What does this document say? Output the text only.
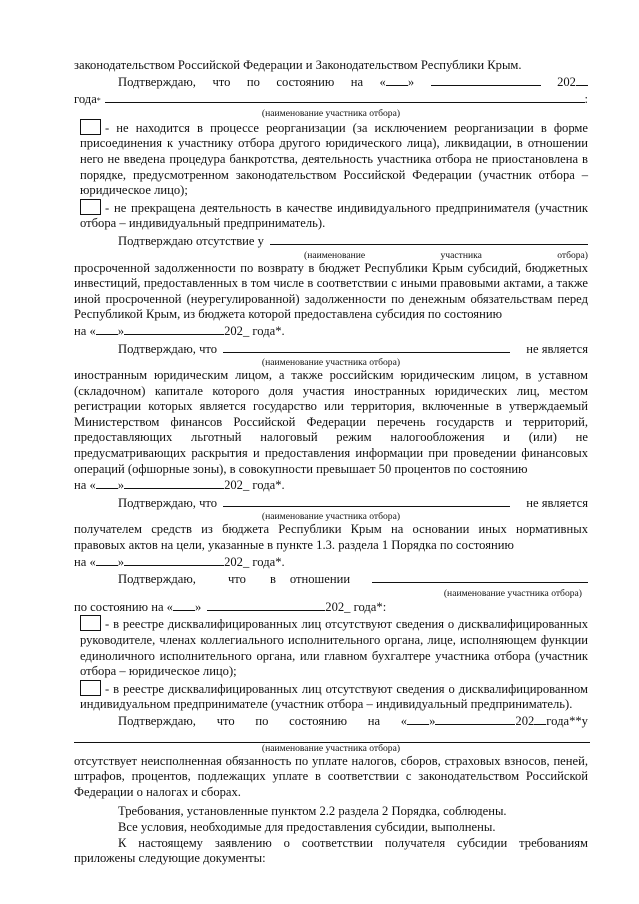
законодательством Российской Федерации и Законодательством Республики Крым.

Подтверждаю, что по состоянию на « »	202
года *	:
(наименование участника отбора)

- не находится в процессе реорганизации (за исключением реорганизации в форме присоединения к участнику отбора другого юридического лица), ликвидации, в отношении него не введена процедура банкротства, деятельность участника отбора не приостановлена в порядке, предусмотренном законодательством Российской Федерации (участник отбора – юридическое лицо);

- не прекращена деятельность в качестве индивидуального предпринимателя (участник отбора – индивидуальный предприниматель).

Подтверждаю отсутствие у
(наименование	участника	отбора)

просроченной задолженности по возврату в бюджет Республики Крым субсидий, бюджетных инвестиций, предоставленных в том числе в соответствии с иными правовыми актами, а также иной просроченной (неурегулированной) задолженности по денежным обязательствам перед Республикой Крым, из бюджета которой предоставлена субсидия по состоянию

на « »	202_ года*.
Подтверждаю, что	не является
(наименование участника отбора)

иностранным юридическим лицом, а также российским юридическим лицом, в уставном (складочном) капитале которого доля участия иностранных юридических лиц, местом регистрации которых является государство или территория, включенные в утверждаемый Министерством финансов Российской Федерации перечень государств и территорий, предоставляющих льготный налоговый режим налогообложения и (или) не предусматривающих раскрытия и предоставления информации при проведении финансовых операций (офшорные зоны), в совокупности превышает 50 процентов по состоянию

на « »	202_ года*.
Подтверждаю, что	не является
(наименование участника отбора)

получателем средств из бюджета Республики Крым на основании иных нормативных правовых актов на цели, указанные в пункте 1.3. раздела 1 Порядка по состоянию

на « »	202_ года*.
Подтверждаю,	что в отношении
(наименование участника отбора)
по состоянию на « »	202_ года*:

- в реестре дисквалифицированных лиц отсутствуют сведения о дисквалифицированных руководителе, членах коллегиального исполнительного органа, лице, исполняющем функции единоличного исполнительного органа, или главном бухгалтере участника отбора (участник отбора – юридическое лицо);

- в реестре дисквалифицированных лиц отсутствуют сведения о дисквалифицированном индивидуальном предпринимателе (участник отбора – индивидуальный предприниматель).

Подтверждаю, что по состоянию на « »	202 года**у
(наименование участника отбора)

отсутствует неисполненная обязанность по уплате налогов, сборов, страховых взносов, пеней, штрафов, процентов, подлежащих уплате в соответствии с законодательством Российской Федерации о налогах и сборах.

Требования, установленные пунктом 2.2 раздела 2 Порядка, соблюдены.

Все условия, необходимые для предоставления субсидии, выполнены.

К настоящему заявлению о соответствии получателя субсидии требованиям приложены следующие документы:
